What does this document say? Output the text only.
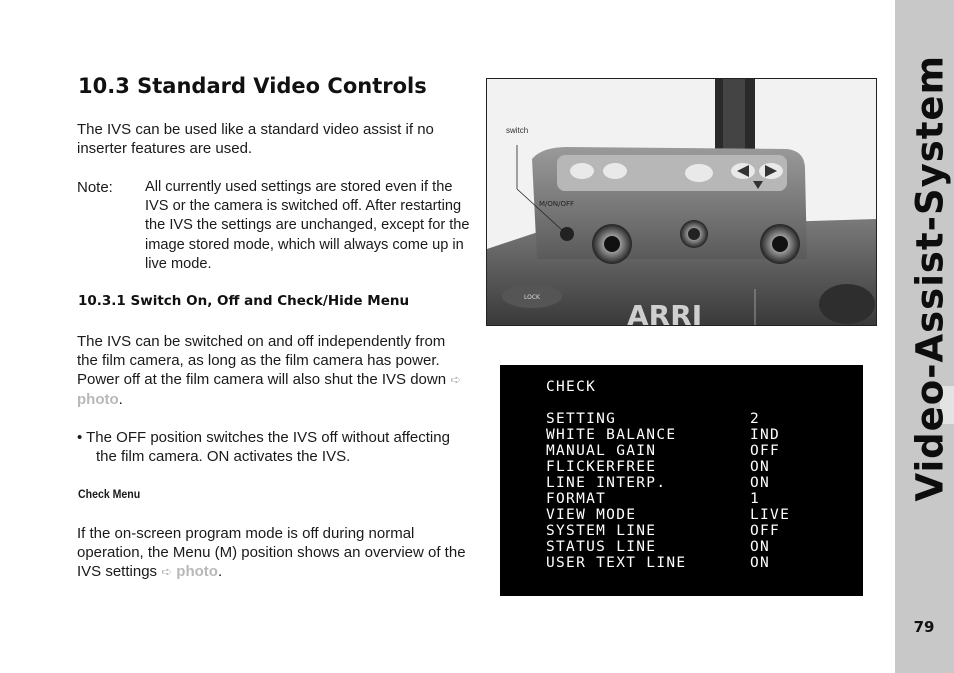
Video-Assist-System
79
10.3 Standard Video Controls

The IVS can be used like a standard video assist if no inserter features are used.

Note: All currently used settings are stored even if the IVS or the camera is switched off. After restarting the IVS the settings are unchanged, except for the image stored mode, which will always come up in live mode.
10.3.1 Switch On, Off and Check/Hide Menu

The IVS can be switched on and off independently from the film camera, as long as the film camera has power. Power off at the film camera will also shut the IVS down ➪ photo.

• The OFF position switches the IVS off without affecting
the film camera. ON activates the IVS.

Check Menu

If the on-screen program mode is off during normal operation, the Menu (M) position shows an overview of the IVS settings ➪ photo.

M/ON/OFF
LOCK
ARRI
switch
CHECK
SETTING	2
WHITE BALANCE	IND
MANUAL GAIN	OFF
FLICKERFREE	ON
LINE INTERP.	ON
FORMAT	1
VIEW MODE	LIVE
SYSTEM LINE	OFF
STATUS LINE	ON
USER TEXT LINE	ON
